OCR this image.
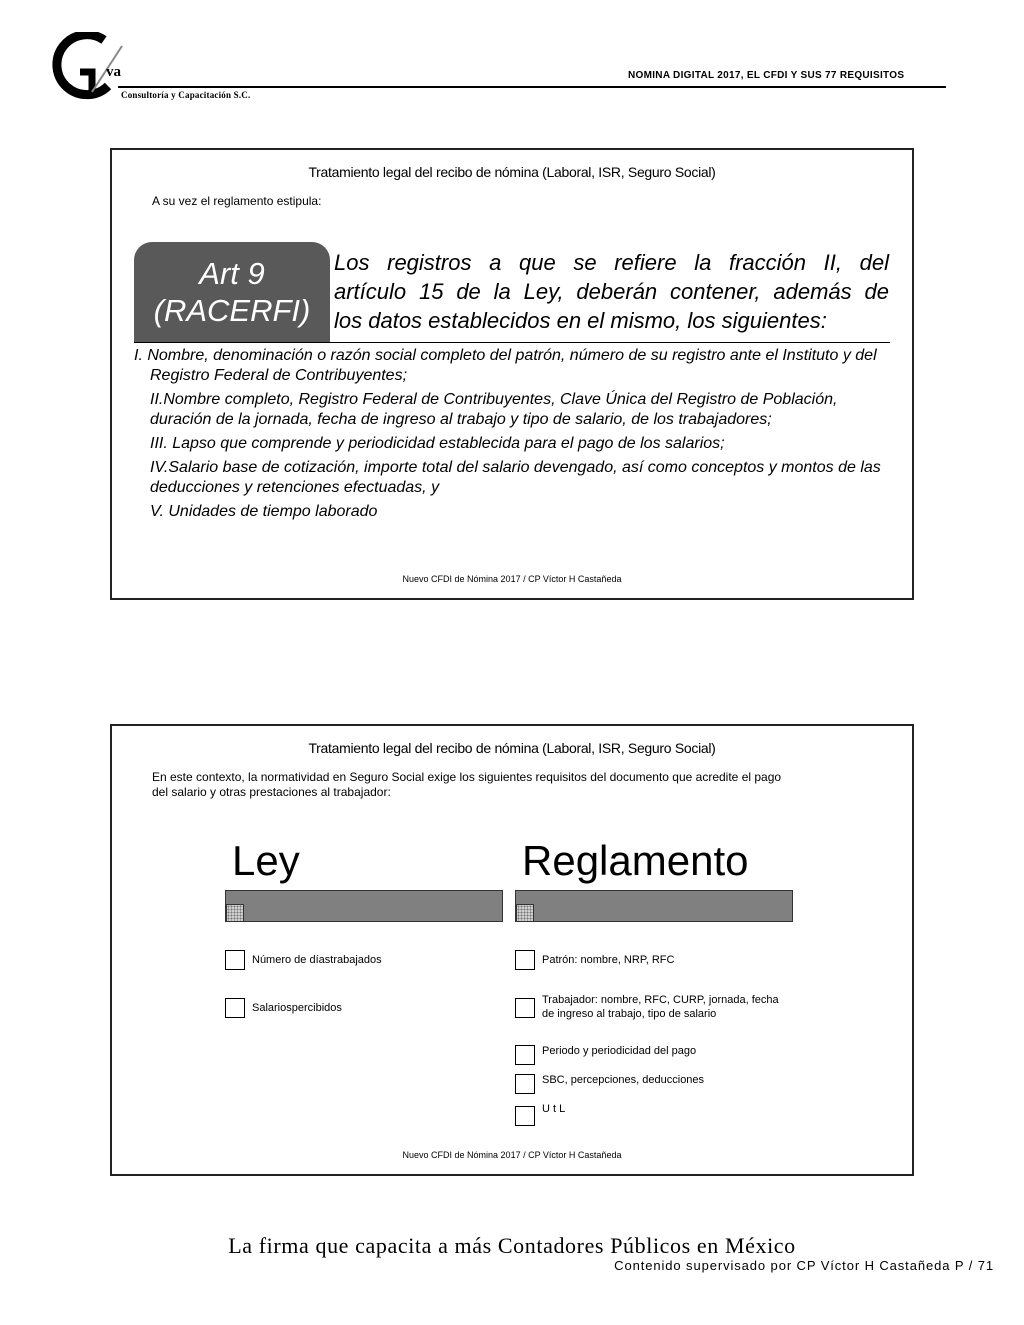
va
Consultoría y Capacitación S.C.
NOMINA DIGITAL 2017, EL CFDI Y SUS 77 REQUISITOS
Tratamiento legal del recibo de nómina (Laboral, ISR, Seguro Social)
A su vez el reglamento estipula:
Art 9
(RACERFI)
Los registros a que se refiere la fracción II, del
artículo 15 de la Ley, deberán contener, además de
los datos establecidos en el mismo, los siguientes:

I. Nombre, denominación o razón social completo del patrón, número de su registro ante el Instituto y del Registro Federal de Contribuyentes;

II.Nombre completo, Registro Federal de Contribuyentes, Clave Única del Registro de Población, duración de la jornada, fecha de ingreso al trabajo y tipo de salario, de los trabajadores;

III. Lapso que comprende y periodicidad establecida para el pago de los salarios;

IV.Salario base de cotización, importe total del salario devengado, así como conceptos y montos de las deducciones y retenciones efectuadas, y

V. Unidades de tiempo laborado

Nuevo CFDI de Nómina 2017 / CP Víctor H Castañeda
Tratamiento legal del recibo de nómina (Laboral, ISR, Seguro Social)
En este contexto, la normatividad en Seguro Social exige los siguientes requisitos del documento que acredite el pago
del salario y otras prestaciones al trabajador:
Ley
Número de díastrabajados
Salariospercibidos
Reglamento
Patrón: nombre, NRP, RFC
Trabajador: nombre, RFC, CURP, jornada, fecha
de ingreso al trabajo, tipo de salario
Periodo y periodicidad del pago
SBC, percepciones, deducciones
U t L
Nuevo CFDI de Nómina 2017 / CP Víctor H Castañeda
La firma que capacita a más Contadores Públicos en México
Contenido supervisado por CP Víctor H Castañeda P / 71
